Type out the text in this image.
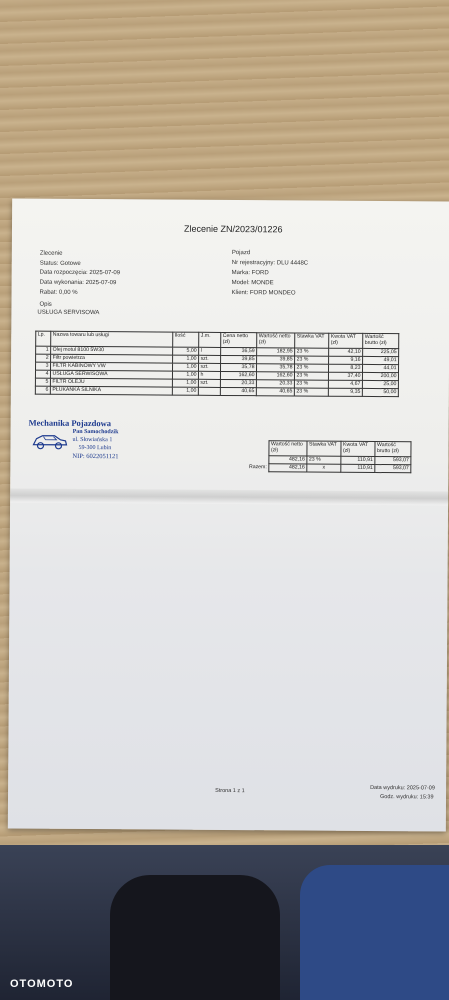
Zlecenie ZN/2023/01226
Zlecenie
Status: Gotowe
Data rozpoczęcia: 2025-07-09
Data wykonania: 2025-07-09
Rabat: 0,00 %
Pojazd
Nr rejestracyjny: DLU 4448C
Marka: FORD
Model: MONDE
Klient: FORD MONDEO
Opis
USŁUGA SERVISOWA
Lp.	Nazwa towaru lub usługi	Ilość	J.m.	Cena netto (zł)	Wartość netto (zł)	Stawka VAT	Kwota VAT (zł)	Wartość brutto (zł)
1	Olej motul 8100 5W30	5,00	l	36,59	182,95	23 %	42,10	225,05
2	Filtr powietrza	1,00	szt.	39,85	39,85	23 %	9,16	49,01
3	FILTR KABINOWY VW	1,00	szt.	35,78	35,78	23 %	8,23	44,01
4	USŁUGA SERWISOWA	1,00	h	162,60	162,60	23 %	37,40	200,00
5	FILTR OLEJU	1,00	szt.	20,33	20,33	23 %	4,67	25,00
6	PŁUKANKA SILNIKA	1,00		40,65	40,65	23 %	9,35	50,00
Mechanika Pojazdowa
Pan Samochodzik
ul. Słowiańska 1
59-300 Lubin
NIP: 6022051121
	Wartość netto (zł)	Stawka VAT	Kwota VAT (zł)	Wartość brutto (zł)
	482,16	23 %	110,91	593,07
Razem:	482,16	x	110,91	593,07
Strona 1 z 1	Data wydruku: 2025-07-09
Godz. wydruku: 15:39
OTOMOTO
